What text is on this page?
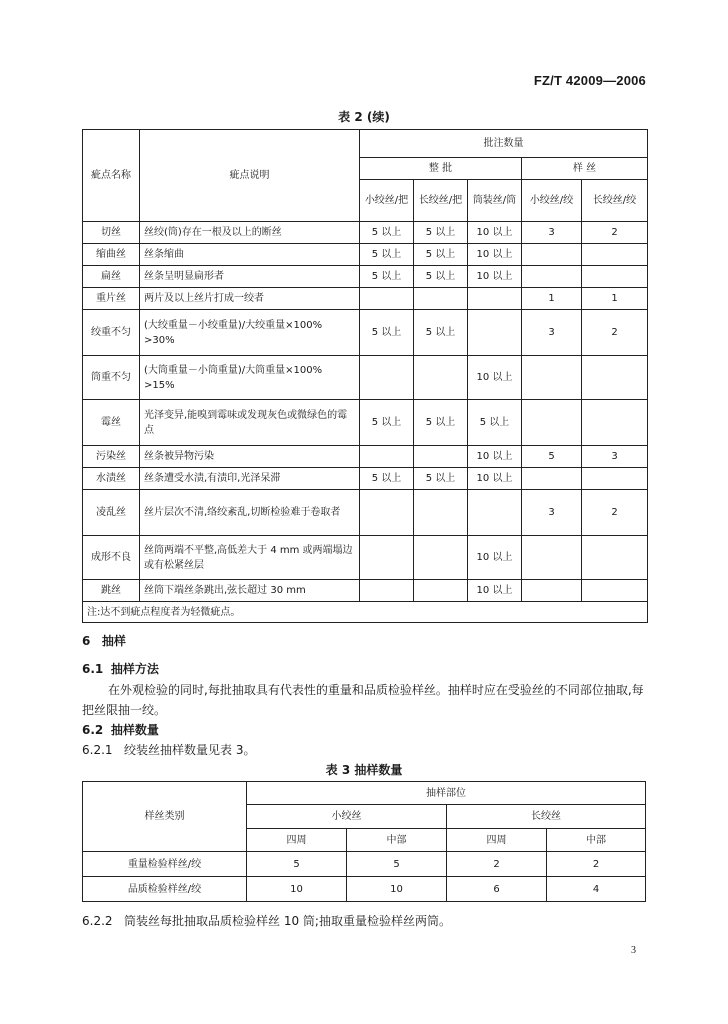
FZ/T 42009—2006
表 2 (续)
疵点名称	疵点说明	批注数量				
		整 批			样 丝	
		小绞丝/把	长绞丝/把	筒装丝/筒	小绞丝/绞	长绞丝/绞
切丝	丝绞(筒)存在一根及以上的断丝	5 以上	5 以上	10 以上	3	2
缩曲丝	丝条缩曲	5 以上	5 以上	10 以上		
扁丝	丝条呈明显扁形者	5 以上	5 以上	10 以上		
重片丝	两片及以上丝片打成一绞者				1	1
绞重不匀	(大绞重量－小绞重量)/大绞重量×100% >30%	5 以上	5 以上		3	2
筒重不匀	(大筒重量－小筒重量)/大筒重量×100% >15%			10 以上		
霉丝	光泽变异,能嗅到霉味或发现灰色或微绿色的霉点	5 以上	5 以上	5 以上		
污染丝	丝条被异物污染			10 以上	5	3
水渍丝	丝条遭受水渍,有渍印,光泽呆滞	5 以上	5 以上	10 以上		
凌乱丝	丝片层次不清,络绞紊乱,切断检验难于卷取者				3	2
成形不良	丝筒两端不平整,高低差大于 4 mm 或两端塌边或有松紧丝层			10 以上		
跳丝	丝筒下端丝条跳出,弦长超过 30 mm			10 以上		
注:达不到疵点程度者为轻微疵点。						
6 抽样
6.1 抽样方法
在外观检验的同时,每批抽取具有代表性的重量和品质检验样丝。抽样时应在受验丝的不同部位抽取,每把丝限抽一绞。
6.2 抽样数量
6.2.1 绞装丝抽样数量见表 3。
表 3 抽样数量
样丝类别	抽样部位			
	小绞丝		长绞丝	
	四周	中部	四周	中部
重量检验样丝/绞	5	5	2	2
品质检验样丝/绞	10	10	6	4
6.2.2 筒装丝每批抽取品质检验样丝 10 筒;抽取重量检验样丝两筒。
3
